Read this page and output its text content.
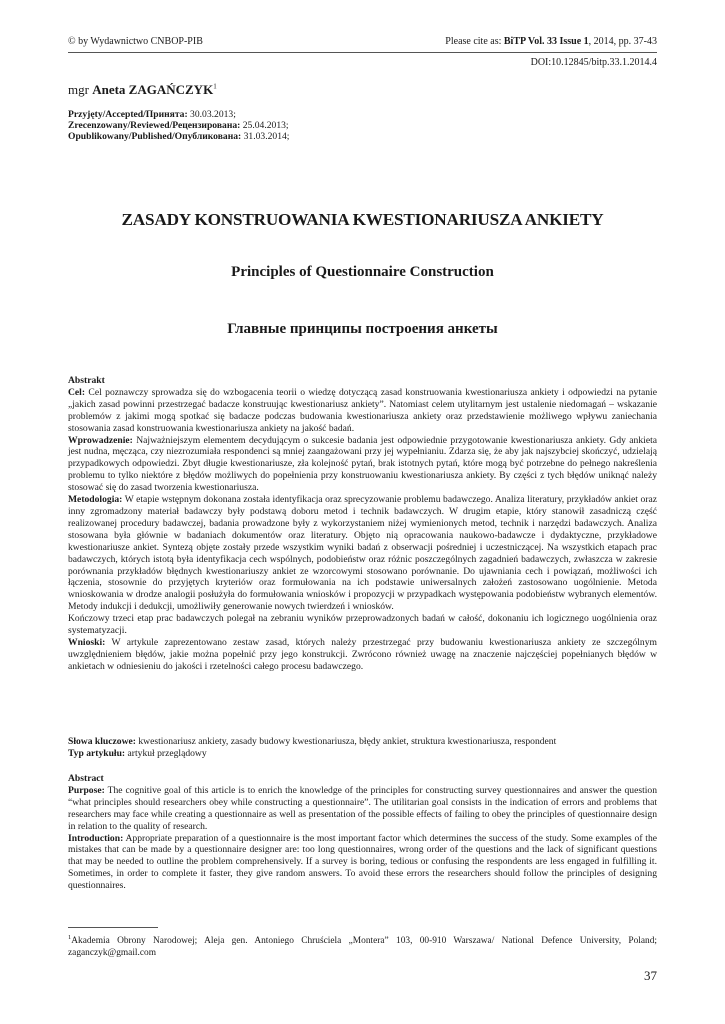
© by Wydawnictwo CNBOP-PIB	Please cite as: BiTP Vol. 33 Issue 1, 2014, pp. 37-43
DOI:10.12845/bitp.33.1.2014.4
mgr Aneta ZAGAŃCZYK$^1$
Przyjęty/Accepted/Принята: 30.03.2013;
Zrecenzowany/Reviewed/Рецензирована: 25.04.2013;
Opublikowany/Published/Опубликована: 31.03.2014;
ZASADY KONSTRUOWANIA KWESTIONARIUSZA ANKIETY
Principles of Questionnaire Construction
Главные принципы построения анкеты

Abstrakt

Cel: Cel poznawczy sprowadza się do wzbogacenia teorii o wiedzę dotyczącą zasad konstruowania kwestionariusza ankiety i odpowiedzi na pytanie „jakich zasad powinni przestrzegać badacze konstruując kwestionariusz ankiety”. Natomiast celem utylitarnym jest ustalenie niedomagań – wskazanie problemów z jakimi mogą spotkać się badacze podczas budowania kwestionariusza ankiety oraz przedstawienie możliwego wpływu zaniechania stosowania zasad konstruowania kwestionariusza ankiety na jakość badań.

Wprowadzenie: Najważniejszym elementem decydującym o sukcesie badania jest odpowiednie przygotowanie kwestionariusza ankiety. Gdy ankieta jest nudna, męcząca, czy niezrozumiała respondenci są mniej zaangażowani przy jej wypełnianiu. Zdarza się, że aby jak najszybciej skończyć, udzielają przypadkowych odpowiedzi. Zbyt długie kwestionariusze, zła kolejność pytań, brak istotnych pytań, które mogą być potrzebne do pełnego nakreślenia problemu to tylko niektóre z błędów możliwych do popełnienia przy konstruowaniu kwestionariusza ankiety. By części z tych błędów uniknąć należy stosować się do zasad tworzenia kwestionariusza.

Metodologia: W etapie wstępnym dokonana została identyfikacja oraz sprecyzowanie problemu badawczego. Analiza literatury, przykładów ankiet oraz inny zgromadzony materiał badawczy były podstawą doboru metod i technik badawczych. W drugim etapie, który stanowił zasadniczą część realizowanej procedury badawczej, badania prowadzone były z wykorzystaniem niżej wymienionych metod, technik i narzędzi badawczych. Analiza stosowana była głównie w badaniach dokumentów oraz literatury. Objęto nią opracowania naukowo-badawcze i dydaktyczne, przykładowe kwestionariusze ankiet. Syntezą objęte zostały przede wszystkim wyniki badań z obserwacji pośredniej i uczestniczącej. Na wszystkich etapach prac badawczych, których istotą była identyfikacja cech wspólnych, podobieństw oraz różnic poszczególnych zagadnień badawczych, zwłaszcza w zakresie porównania przykładów błędnych kwestionariuszy ankiet ze wzorcowymi stosowano porównanie. Do ujawniania cech i powiązań, możliwości ich łączenia, stosownie do przyjętych kryteriów oraz formułowania na ich podstawie uniwersalnych założeń zastosowano uogólnienie. Metoda wnioskowania w drodze analogii posłużyła do formułowania wniosków i propozycji w przypadkach występowania podobieństw wybranych elementów. Metody indukcji i dedukcji, umożliwiły generowanie nowych twierdzeń i wniosków.

Kończowy trzeci etap prac badawczych polegał na zebraniu wyników przeprowadzonych badań w całość, dokonaniu ich logicznego uogólnienia oraz systematyzacji.

Wnioski: W artykule zaprezentowano zestaw zasad, których należy przestrzegać przy budowaniu kwestionariusza ankiety ze szczególnym uwzględnieniem błędów, jakie można popełnić przy jego konstrukcji. Zwrócono również uwagę na znaczenie najczęściej popełnianych błędów w ankietach w odniesieniu do jakości i rzetelności całego procesu badawczego.

Słowa kluczowe: kwestionariusz ankiety, zasady budowy kwestionariusza, błędy ankiet, struktura kwestionariusza, respondent

Typ artykułu: artykuł przeglądowy

Abstract

Purpose: The cognitive goal of this article is to enrich the knowledge of the principles for constructing survey questionnaires and answer the question “what principles should researchers obey while constructing a questionnaire”. The utilitarian goal consists in the indication of errors and problems that researchers may face while creating a questionnaire as well as presentation of the possible effects of failing to obey the principles of questionnaire design in relation to the quality of research.

Introduction: Appropriate preparation of a questionnaire is the most important factor which determines the success of the study. Some examples of the mistakes that can be made by a questionnaire designer are: too long questionnaires, wrong order of the questions and the lack of significant questions that may be needed to outline the problem comprehensively. If a survey is boring, tedious or confusing the respondents are less engaged in fulfilling it. Sometimes, in order to complete it faster, they give random answers. To avoid these errors the researchers should follow the principles of designing questionnaires.

$^1$Akademia Obrony Narodowej; Aleja gen. Antoniego Chruściela „Montera” 103, 00-910 Warszawa/ National Defence University, Poland; zaganczyk@gmail.com
37
